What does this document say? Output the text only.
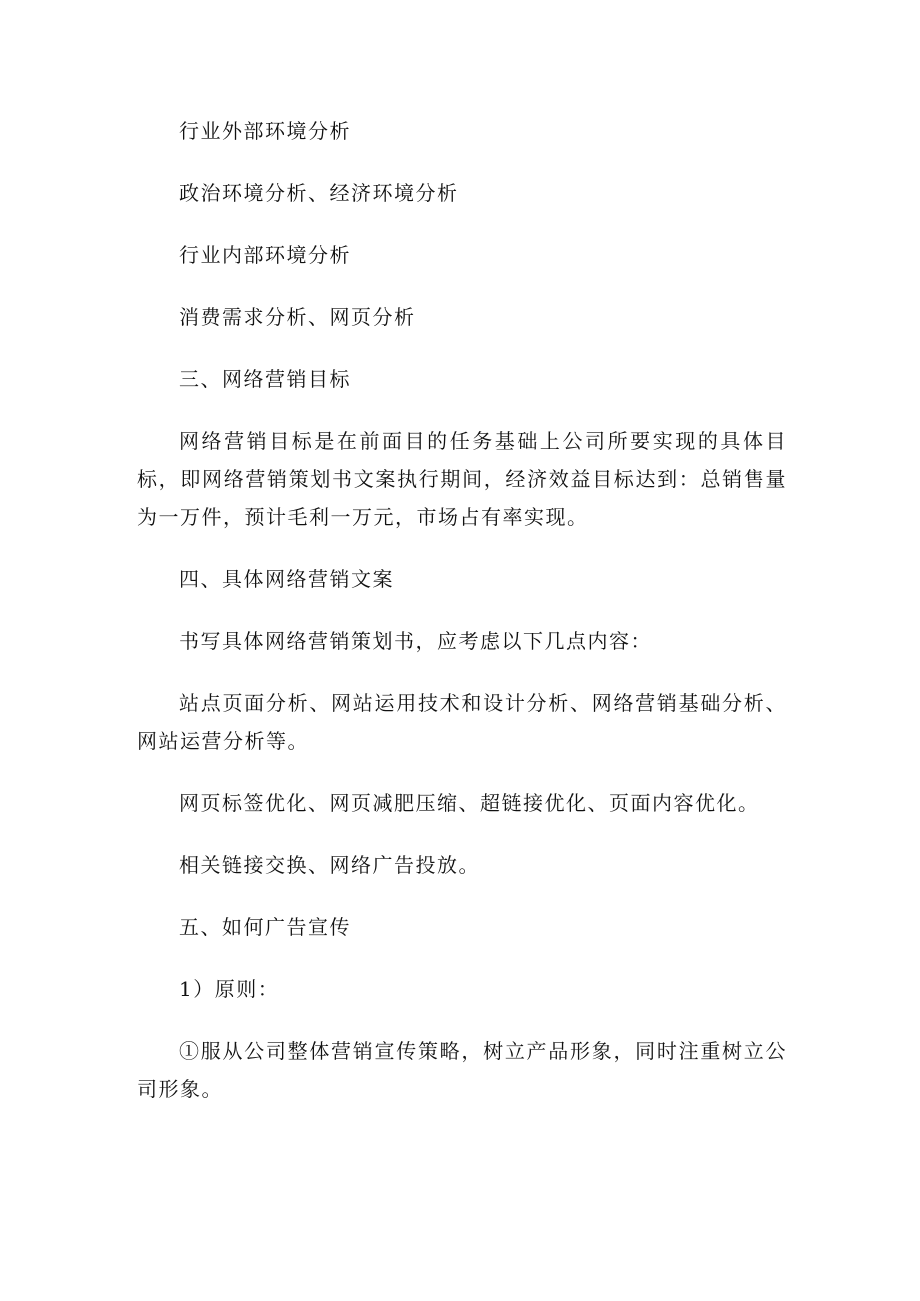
行业外部环境分析

政治环境分析、经济环境分析

行业内部环境分析

消费需求分析、网页分析

三、网络营销目标

网络营销目标是在前面目的任务基础上公司所要实现的具体目标，即网络营销策划书文案执行期间，经济效益目标达到：总销售量为一万件，预计毛利一万元，市场占有率实现。

四、具体网络营销文案

书写具体网络营销策划书，应考虑以下几点内容：

站点页面分析、网站运用技术和设计分析、网络营销基础分析、网站运营分析等。

网页标签优化、网页减肥压缩、超链接优化、页面内容优化。

相关链接交换、网络广告投放。

五、如何广告宣传

1）原则：

①服从公司整体营销宣传策略，树立产品形象，同时注重树立公司形象。
